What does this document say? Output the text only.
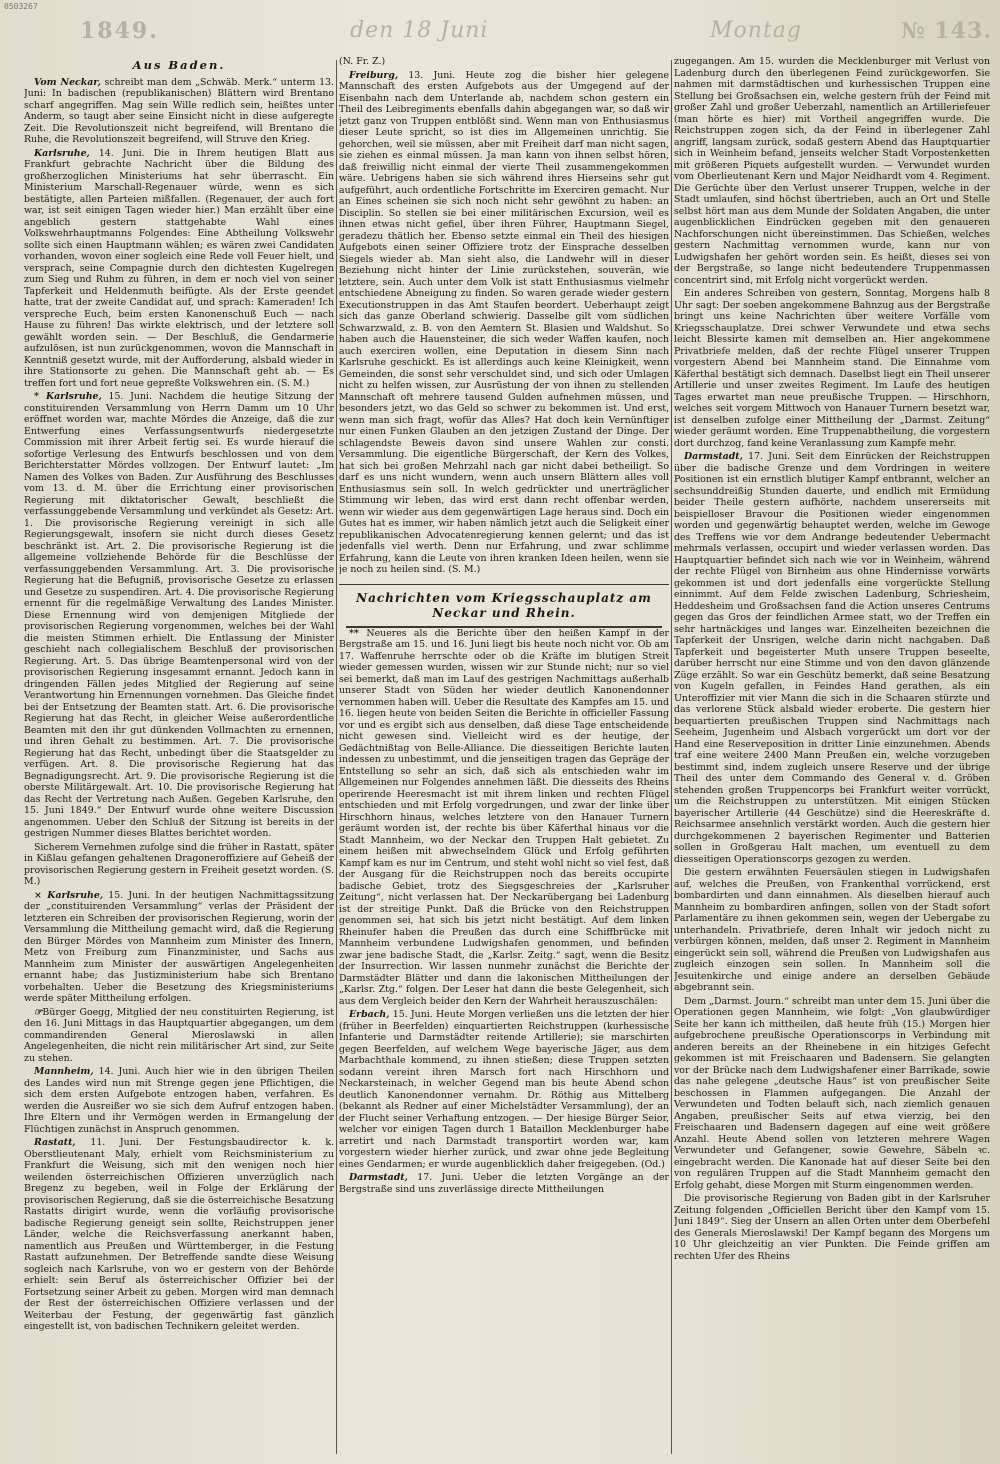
0503267
1849.	den 18 Juni	Montag	№ 143.
Aus Baden.

Vom Neckar, schreibt man dem „Schwäb. Merk.“ unterm 13. Juni: In badischen (republikanischen) Blättern wird Brentano scharf angegriffen. Mag sein Wille redlich sein, heißtes unter Anderm, so taugt aber seine Einsicht nicht in diese aufgeregte Zeit. Die Revolutionszeit nicht begreifend, will Brentano die Ruhe, die Revolutionszeit begreifend, will Struve den Krieg.

Karlsruhe, 14. Juni. Die in Ihrem heutigen Blatt aus Frankfurt gebrachte Nachricht über die Bildung des großherzoglichen Ministeriums hat sehr überrascht. Ein Ministerium Marschall-Regenauer würde, wenn es sich bestätigte, allen Parteien mißfallen. (Regenauer, der auch fort war, ist seit einigen Tagen wieder hier.) Man erzählt über eine angeblich gestern stattgehabte Wahl eines Volkswehrhauptmanns Folgendes: Eine Abtheilung Volkswehr sollte sich einen Hauptmann wählen; es wären zwei Candidaten vorhanden, wovon einer sogleich eine Rede voll Feuer hielt, und versprach, seine Compagnie durch den dichtesten Kugelregen zum Sieg und Ruhm zu führen, in dem er noch viel von seiner Tapferkeit und Heldenmuth beifügte. Als der Erste geendet hatte, trat der zweite Candidat auf, und sprach: Kameraden! Ich verspreche Euch, beim ersten Kanonenschuß Euch — nach Hause zu führen! Das wirkte elektrisch, und der letztere soll gewählt worden sein. — Der Beschluß, die Gendarmerie aufzulösen, ist nun zurückgenommen, wovon die Mannschaft in Kenntniß gesetzt wurde, mit der Aufforderung, alsbald wieder in ihre Stationsorte zu gehen. Die Mannschaft geht ab. — Es treffen fort und fort neue gepreßte Volkswehren ein. (S. M.)

* Karlsruhe, 15. Juni. Nachdem die heutige Sitzung der constituirenden Versammlung von Herrn Damm um 10 Uhr eröffnet worden war, machte Mördes die Anzeige, daß die zur Entwerfung eines Verfassungsentwurfs niedergesetzte Commission mit ihrer Arbeit fertig sei. Es wurde hierauf die sofortige Verlesung des Entwurfs beschlossen und von dem Berichterstatter Mördes vollzogen. Der Entwurf lautet: „Im Namen des Volkes von Baden. Zur Ausführung des Beschlusses vom 13. d. M. über die Errichtung einer provisorischen Regierung mit diktatorischer Gewalt, beschließt die verfassunggebende Versammlung und verkündet als Gesetz: Art. 1. Die provisorische Regierung vereinigt in sich alle Regierungsgewalt, insofern sie nicht durch dieses Gesetz beschränkt ist. Art. 2. Die provisorische Regierung ist die allgemeine vollziehende Behörde für die Beschlüsse der verfassunggebenden Versammlung. Art. 3. Die provisorische Regierung hat die Befugniß, provisorische Gesetze zu erlassen und Gesetze zu suspendiren. Art. 4. Die provisorische Regierung ernennt für die regelmäßige Verwaltung des Landes Minister. Diese Ernennung wird von demjenigen Mitgliede der provisorischen Regierung vorgenommen, welches bei der Wahl die meisten Stimmen erhielt. Die Entlassung der Minister geschieht nach collegialischem Beschluß der provisorischen Regierung. Art. 5. Das übrige Beamtenpersonal wird von der provisorischen Regierung insgesammt ernannt. Jedoch kann in dringenden Fällen jedes Mitglied der Regierung auf seine Verantwortung hin Ernennungen vornehmen. Das Gleiche findet bei der Entsetzung der Beamten statt. Art. 6. Die provisorische Regierung hat das Recht, in gleicher Weise außerordentliche Beamten mit den ihr gut dünkenden Vollmachten zu ernennen, und ihren Gehalt zu bestimmen. Art. 7. Die provisorische Regierung hat das Recht, unbedingt über die Staatsgelder zu verfügen. Art. 8. Die provisorische Regierung hat das Begnadigungsrecht. Art. 9. Die provisorische Regierung ist die oberste Militärgewalt. Art. 10. Die provisorische Regierung hat das Recht der Vertretung nach Außen. Gegeben Karlsruhe, den 15. Juni 1849.“ Der Entwurf wurde ohne weitere Discussion angenommen. Ueber den Schluß der Sitzung ist bereits in der gestrigen Nummer dieses Blattes berichtet worden.

Sicherem Vernehmen zufolge sind die früher in Rastatt, später in Kißlau gefangen gehaltenen Dragoneroffiziere auf Geheiß der provisorischen Regierung gestern in Freiheit gesetzt worden. (S. M.)

× Karlsruhe, 15. Juni. In der heutigen Nachmittagssitzung der „constituirenden Versammlung“ verlas der Präsident der letzteren ein Schreiben der provisorischen Regierung, worin der Versammlung die Mittheilung gemacht wird, daß die Regierung den Bürger Mördes von Mannheim zum Minister des Innern, Metz von Freiburg zum Finanzminister, und Sachs aus Mannheim zum Minister der auswärtigen Angelegenheiten ernannt habe; das Justizministerium habe sich Brentano vorbehalten. Ueber die Besetzung des Kriegsministeriums werde später Mittheilung erfolgen.

☞Bürger Goegg, Mitglied der neu constituirten Regierung, ist den 16. Juni Mittags in das Hauptquartier abgegangen, um dem commandirenden General Mieroslawski in allen Angelegenheiten, die nicht rein militärischer Art sind, zur Seite zu stehen.

Mannheim, 14. Juni. Auch hier wie in den übrigen Theilen des Landes wird nun mit Strenge gegen jene Pflichtigen, die sich dem ersten Aufgebote entzogen haben, verfahren. Es werden die Ausreißer wo sie sich dem Aufruf entzogen haben. Ihre Eltern und ihr Vermögen werden in Ermangelung der Flüchtigen zunächst in Anspruch genommen.

Rastatt, 11. Juni. Der Festungsbaudirector k. k. Oberstlieutenant Maly, erhielt vom Reichsministerium zu Frankfurt die Weisung, sich mit den wenigen noch hier weilenden österreichischen Offizieren unverzüglich nach Bregenz zu begeben, weil in Folge der Erklärung der provisorischen Regierung, daß sie die österreichische Besatzung Rastatts dirigirt wurde, wenn die vorläufig provisorische badische Regierung geneigt sein sollte, Reichstruppen jener Länder, welche die Reichsverfassung anerkannt haben, namentlich aus Preußen und Württemberger, in die Festung Rastatt aufzunehmen. Der Betreffende sandte diese Weisung sogleich nach Karlsruhe, von wo er gestern von der Behörde erhielt: sein Beruf als österreichischer Offizier bei der Fortsetzung seiner Arbeit zu geben. Morgen wird man demnach der Rest der österreichischen Offiziere verlassen und der Weiterbau der Festung, der gegenwärtig fast gänzlich eingestellt ist, von badischen Technikern geleitet werden.

(N. Fr. Z.)

Freiburg, 13. Juni. Heute zog die bisher hier gelegene Mannschaft des ersten Aufgebots aus der Umgegend auf der Eisenbahn nach dem Unterlande ab, nachdem schon gestern ein Theil des Leibregiments ebenfalls dahin abgegangen war, so daß wir jetzt ganz von Truppen entblößt sind. Wenn man von Enthusiasmus dieser Leute spricht, so ist dies im Allgemeinen unrichtig. Sie gehorchen, weil sie müssen, aber mit Freiheit darf man nicht sagen, sie ziehen es einmal müssen. Ja man kann von ihnen selbst hören, daß freiwillig nicht einmal der vierte Theil zusammengekommen wäre. Uebrigens haben sie sich während ihres Hierseins sehr gut aufgeführt, auch ordentliche Fortschritte im Exerciren gemacht. Nur an Eines scheinen sie sich noch nicht sehr gewöhnt zu haben: an Disciplin. So stellen sie bei einer militärischen Excursion, weil es ihnen etwas nicht gefiel, über ihren Führer, Hauptmann Siegel, geradezu thätlich her. Ebenso setzte einmal ein Theil des hiesigen Aufgebots einen seiner Offiziere trotz der Einsprache desselben Siegels wieder ab. Man sieht also, die Landwehr will in dieser Beziehung nicht hinter der Linie zurückstehen, souverän, wie letztere, sein. Auch unter dem Volk ist statt Enthusiasmus vielmehr entschiedene Abneigung zu finden. So waren gerade wieder gestern Executionstruppen in das Amt Staufen beordert. Ueberhaupt zeigt sich das ganze Oberland schwierig. Dasselbe gilt vom südlichen Schwarzwald, z. B. von den Aemtern St. Blasien und Waldshut. So haben auch die Hauensteiner, die sich weder Waffen kaufen, noch auch exerciren wollen, eine Deputation in diesem Sinn nach Karlsruhe geschickt. Es ist allerdings auch keine Kleinigkeit, wenn Gemeinden, die sonst sehr verschuldet sind, und sich oder Umlagen nicht zu helfen wissen, zur Ausrüstung der von ihnen zu stellenden Mannschaft oft mehrere tausend Gulden aufnehmen müssen, und besonders jetzt, wo das Geld so schwer zu bekommen ist. Und erst, wenn man sich fragt, wofür das Alles? Hat doch kein Vernünftiger nur einen Funken Glauben an den jetzigen Zustand der Dinge. Der schlagendste Beweis davon sind unsere Wahlen zur consti. Versammlung. Die eigentliche Bürgerschaft, der Kern des Volkes, hat sich bei großen Mehrzahl nach gar nicht dabei betheiligt. So darf es uns nicht wundern, wenn auch unsern Blättern alles voll Enthusiasmus sein soll. In welch gedrückter und unerträglicher Stimmung wir leben, das wird erst dann recht offenbar werden, wenn wir wieder aus dem gegenwärtigen Lage heraus sind. Doch ein Gutes hat es immer, wir haben nämlich jetzt auch die Seligkeit einer republikanischen Advocatenregierung kennen gelernt; und das ist jedenfalls viel werth. Denn nur Erfahrung, und zwar schlimme Erfahrung, kann die Leute von ihren kranken Ideen heilen, wenn sie je noch zu heilen sind. (S. M.)

Nachrichten vom Kriegsschauplatz am Neckar und Rhein.

** Neueres als die Berichte über den heißen Kampf in der Bergstraße am 15. und 16. Juni liegt bis heute noch nicht vor. Ob am 17. Waffenruhe herrschte oder ob die Kräfte im blutigen Streit wieder gemessen wurden, wissen wir zur Stunde nicht; nur so viel sei bemerkt, daß man im Lauf des gestrigen Nachmittags außerhalb unserer Stadt von Süden her wieder deutlich Kanonendonner vernommen haben will. Ueber die Resultate des Kampfes am 15. und 16. liegen heute von beiden Seiten die Berichte in officieller Fassung vor und es ergibt sich aus denselben, daß diese Tage entscheidende nicht gewesen sind. Vielleicht wird es der heutige, der Gedächtnißtag von Belle-Alliance. Die diesseitigen Berichte lauten indessen zu unbestimmt, und die jenseitigen tragen das Gepräge der Entstellung so sehr an sich, daß sich als entschieden wahr im Allgemeinen nur Folgendes annehmen läßt. Die diesseits des Rheins operirende Heeresmacht ist mit ihrem linken und rechten Flügel entschieden und mit Erfolg vorgedrungen, und zwar der linke über Hirschhorn hinaus, welches letztere von den Hanauer Turnern geräumt worden ist, der rechte bis über Käferthal hinaus vor die Stadt Mannheim, wo der Neckar den Truppen Halt gebietet. Zu einem heißen mit abwechselndem Glück und Erfolg geführten Kampf kam es nur im Centrum, und steht wohl nicht so viel fest, daß der Ausgang für die Reichstruppen noch das bereits occupirte badische Gebiet, trotz des Siegsgeschreies der „Karlsruher Zeitung“, nicht verlassen hat. Der Neckarübergang bei Ladenburg ist der streitige Punkt. Daß die Brücke von den Reichstruppen genommen sei, hat sich bis jetzt nicht bestätigt. Auf dem linken Rheinufer haben die Preußen das durch eine Schiffbrücke mit Mannheim verbundene Ludwigshafen genommen, und befinden zwar jene badische Stadt, die „Karlsr. Zeitg.“ sagt, wenn die Besitz der Insurrection. Wir lassen nunmehr zunächst die Berichte der Darmstädter Blätter und dann die lakonischen Mittheilungen der „Karlsr. Ztg.“ folgen. Der Leser hat dann die beste Gelegenheit, sich aus dem Vergleich beider den Kern der Wahrheit herauszuschälen:

Erbach, 15. Juni. Heute Morgen verließen uns die letzten der hier (früher in Beerfelden) einquartierten Reichstruppen (kurhessische Infanterie und Darmstädter reitende Artillerie); sie marschirten gegen Beerfelden, auf welchem Wege bayerische Jäger, aus dem Marbachthale kommend, zu ihnen stießen; diese Truppen setzten sodann vereint ihren Marsch fort nach Hirschhorn und Neckarsteinach, in welcher Gegend man bis heute Abend schon deutlich Kanonendonner vernahm. Dr. Röthig aus Mittelberg (bekannt als Redner auf einer Michelstädter Versammlung), der an der Flucht seiner Verhaftung entzogen. — Der hiesige Bürger Seior, welcher vor einigen Tagen durch 1 Bataillon Mecklenburger habe arretirt und nach Darmstadt transportirt worden war, kam vorgestern wieder hierher zurück, und zwar ohne jede Begleitung eines Gendarmen; er wurde augenblicklich daher freigegeben. (Od.)

Darmstadt, 17. Juni. Ueber die letzten Vorgänge an der Bergstraße sind uns zuverlässige directe Mittheilungen

zugegangen. Am 15. wurden die Mecklenburger mit Verlust von Ladenburg durch den überlegenen Feind zurückgeworfen. Sie nahmen mit darmstädtischen und kurhessischen Truppen eine Stellung bei Großsachsen ein, welche gestern früh der Feind mit großer Zahl und großer Ueberzahl, namentlich an Artilleriefeuer (man hörte es hier) mit Vortheil angegriffen wurde. Die Reichstruppen zogen sich, da der Feind in überlegener Zahl angriff, langsam zurück, sodaß gestern Abend das Hauptquartier sich in Weinheim befand, jenseits welcher Stadt Vorpostenketten mit größeren Piquets aufgestellt wurden. — Verwundet wurden vom Oberlieutenant Kern und Major Neidhardt vom 4. Regiment. Die Gerüchte über den Verlust unserer Truppen, welche in der Stadt umlaufen, sind höchst übertrieben, auch an Ort und Stelle selbst hört man aus dem Munde der Soldaten Angaben, die unter augenblicklichen Eindrücken gegeben mit den genaueren Nachforschungen nicht übereinstimmen. Das Schießen, welches gestern Nachmittag vernommen wurde, kann nur von Ludwigshafen her gehört worden sein. Es heißt, dieses sei von der Bergstraße, so lange nicht bedeutendere Truppenmassen concentrirt sind, mit Erfolg nicht vorgerückt werden.

Ein anderes Schreiben von gestern, Sonntag, Morgens halb 8 Uhr sagt: Der soeben angekommene Bahnzug aus der Bergstraße bringt uns keine Nachrichten über weitere Vorfälle vom Kriegsschauplatze. Drei schwer Verwundete und etwa sechs leicht Blessirte kamen mit demselben an. Hier angekommene Privatbriefe melden, daß der rechte Flügel unserer Truppen vorgestern Abend bei Mannheim stand. Die Einnahme vom Käferthal bestätigt sich demnach. Daselbst liegt ein Theil unserer Artillerie und unser zweites Regiment. Im Laufe des heutigen Tages erwartet man neue preußische Truppen. — Hirschhorn, welches seit vorgem Mittwoch von Hanauer Turnern besetzt war, ist denselben zufolge einer Mittheilung der „Darmst. Zeitung“ wieder geräumt worden. Eine Truppenabtheilung, die vorgestern dort durchzog, fand keine Veranlassung zum Kampfe mehr.

Darmstadt, 17. Juni. Seit dem Einrücken der Reichstruppen über die badische Grenze und dem Vordringen in weitere Positionen ist ein ernstlich blutiger Kampf entbrannt, welcher an sechsunddreißig Stunden dauerte, und endlich mit Ermüdung beider Theile gestern aufhörte, nachdem unsererseits mit beispielloser Bravour die Positionen wieder eingenommen worden und gegenwärtig behauptet werden, welche im Gewoge des Treffens wie vor dem Andrange bedeutender Uebermacht mehrmals verlassen, occupirt und wieder verlassen worden. Das Hauptquartier befindet sich nach wie vor in Weinheim, während der rechte Flügel von Birnheim aus ohne Hindernisse vorwärts gekommen ist und dort jedenfalls eine vorgerückte Stellung einnimmt. Auf dem Felde zwischen Ladenburg, Schriesheim, Heddesheim und Großsachsen fand die Action unseres Centrums gegen das Gros der feindlichen Armee statt, wo der Treffen ein sehr hartnäckiges und langes war. Einzelheiten bezeichnen die Tapferkeit der Unsrigen, welche darin nicht nachgaben. Daß Tapferkeit und begeisterter Muth unsere Truppen beseelte, darüber herrscht nur eine Stimme und von den davon glänzende Züge erzählt. So war ein Geschütz bemerkt, daß seine Besatzung von Kugeln gefallen, in Feindes Hand gerathen, als ein Unteroffizier mit vier Mann die sich in die Schaaren stürzte und das verlorene Stück alsbald wieder eroberte. Die gestern hier bequartierten preußischen Truppen sind Nachmittags nach Seeheim, Jugenheim und Alsbach vorgerückt um dort vor der Hand eine Reserveposition in dritter Linie einzunehmen. Abends traf eine weitere 2400 Mann Preußen ein, welche vorzugeben bestimmt sind, indem zugleich unsere Reserve und der übrige Theil des unter dem Commando des General v. d. Gröben stehenden großen Truppencorps bei Frankfurt weiter vorrückt, um die Reichstruppen zu unterstützen. Mit einigen Stücken bayerischer Artillerie (44 Geschütze) sind die Heereskräfte d. Reichsarmee ansehnlich verstärkt worden. Auch die gestern hier durchgekommenen 2 bayerischen Regimenter und Batterien sollen in Großgerau Halt machen, um eventuell zu dem diesseitigen Operationscorps gezogen zu werden.

Die gestern erwähnten Feuersäulen stiegen in Ludwigshafen auf, welches die Preußen, von Frankenthal vorrückend, erst bombardirten und dann einnahmen. Als dieselben hierauf auch Mannheim zu bombardiren anfingen, sollen von der Stadt sofort Parlamentäre zu ihnen gekommen sein, wegen der Uebergabe zu unterhandeln. Privatbriefe, deren Inhalt wir jedoch nicht zu verbürgen können, melden, daß unser 2. Regiment in Mannheim eingerückt sein soll, während die Preußen von Ludwigshafen aus zugleich einzogen sein sollen. In Mannheim soll die Jesuitenkirche und einige andere an derselben Gebäude abgebrannt sein.

Dem „Darmst. Journ.“ schreibt man unter dem 15. Juni über die Operationen gegen Mannheim, wie folgt: „Von glaubwürdiger Seite her kann ich mittheilen, daß heute früh (15.) Morgen hier aufgebrochene preußische Operationscorps in Verbindung mit anderen bereits an der Rheinebene in ein hitziges Gefecht gekommen ist mit Freischaaren und Badensern. Sie gelangten vor der Brücke nach dem Ludwigshafener einer Barrikade, sowie das nahe gelegene „deutsche Haus“ ist von preußischer Seite beschossen in Flammen aufgegangen. Die Anzahl der Verwundeten und Todten belauft sich, nach ziemlich genauen Angaben, preußischer Seits auf etwa vierzig, bei den Freischaaren und Badensern dagegen auf eine weit größere Anzahl. Heute Abend sollen von letzteren mehrere Wagen Verwundeter und Gefangener, sowie Gewehre, Säbeln ꝛc. eingebracht werden. Die Kanonade hat auf dieser Seite bei den von regulären Truppen auf die Stadt Mannheim gemacht den Erfolg gehabt, diese Morgen mit Sturm eingenommen werden.

Die provisorische Regierung von Baden gibt in der Karlsruher Zeitung folgenden „Officiellen Bericht über den Kampf vom 15. Juni 1849“. Sieg der Unsern an allen Orten unter dem Oberbefehl des Generals Mieroslawski! Der Kampf begann des Morgens um 10 Uhr gleichzeitig an vier Punkten. Die Feinde griffen am rechten Ufer des Rheins
